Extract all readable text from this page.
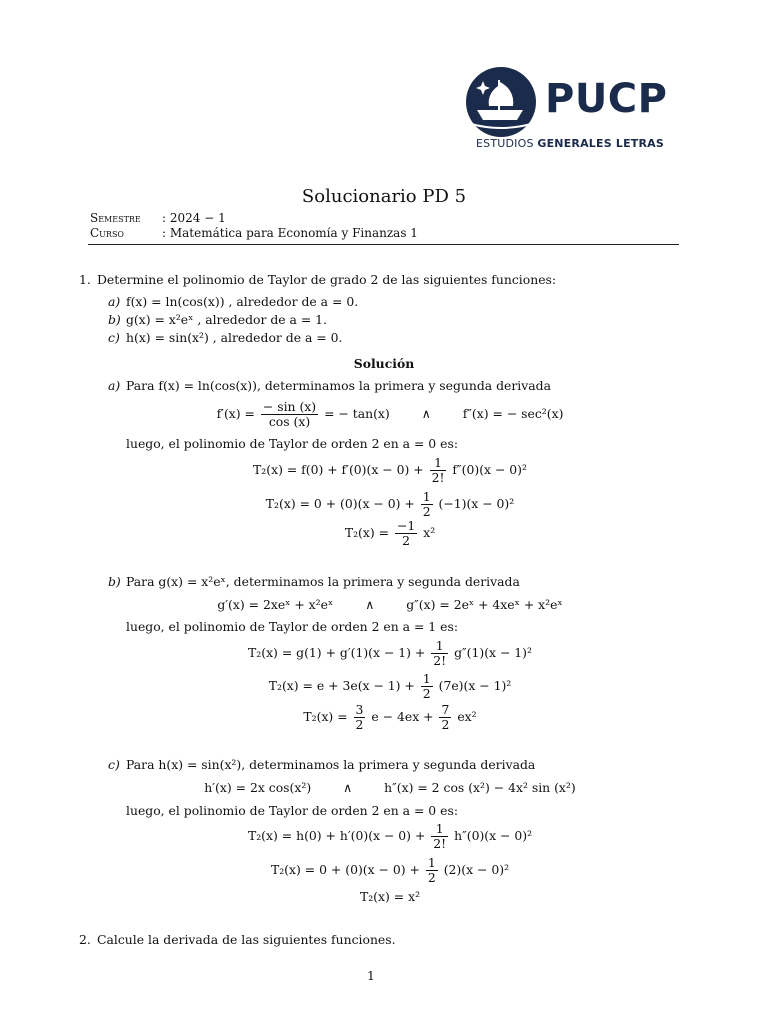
PUCP
ESTUDIOS GENERALES LETRAS
Solucionario PD 5
Semestre : 2024 − 1
Curso	: Matemática para Economía y Finanzas 1
1. Determine el polinomio de Taylor de grado 2 de las siguientes funciones:
a) f(x) = ln(cos(x)) , alrededor de a = 0.
b) g(x) = x²eˣ , alrededor de a = 1.
c) h(x) = sin(x²) , alrededor de a = 0.
Solución
a) Para f(x) = ln(cos(x)), determinamos la primera y segunda derivada
$f'(x) = \frac{- \sin (x)}{\cos (x)}$ = − tan(x)	∧	f″(x) = − sec²(x)
luego, el polinomio de Taylor de orden 2 en a = 0 es:
$T_2(x) = f(0) + f'(0)(x - 0) + \frac{1}{2!} f''(0)(x - 0)^2$
$T_2(x) = 0 + (0)(x - 0) + \frac{1}{2} (-1)(x - 0)^2$
$T_2(x) = \frac{-1}{2} x^2$
b) Para g(x) = x²eˣ, determinamos la primera y segunda derivada
g′(x) = 2xeˣ + x²eˣ	∧	g″(x) = 2eˣ + 4xeˣ + x²eˣ
luego, el polinomio de Taylor de orden 2 en a = 1 es:
$T_2(x) = g(1) + g'(1)(x - 1) + \frac{1}{2!} g''(1)(x - 1)^2$
$T_2(x) = e + 3e(x - 1) + \frac{1}{2} (7e)(x - 1)^2$
$T_2(x) = \frac{3}{2}$ $e - 4ex + \frac{7}{2} ex^2$
c) Para h(x) = sin(x²), determinamos la primera y segunda derivada
h′(x) = 2x cos(x²)	∧	h″(x) = 2 cos (x²) − 4x² sin (x²)
luego, el polinomio de Taylor de orden 2 en a = 0 es:
$T_2(x) = h(0) + h'(0)(x - 0) + \frac{1}{2!} h''(0)(x - 0)^2$
$T_2(x) = 0 + (0)(x - 0) + \frac{1}{2} (2)(x - 0)^2$
T₂(x) = x²
2. Calcule la derivada de las siguientes funciones.
1
